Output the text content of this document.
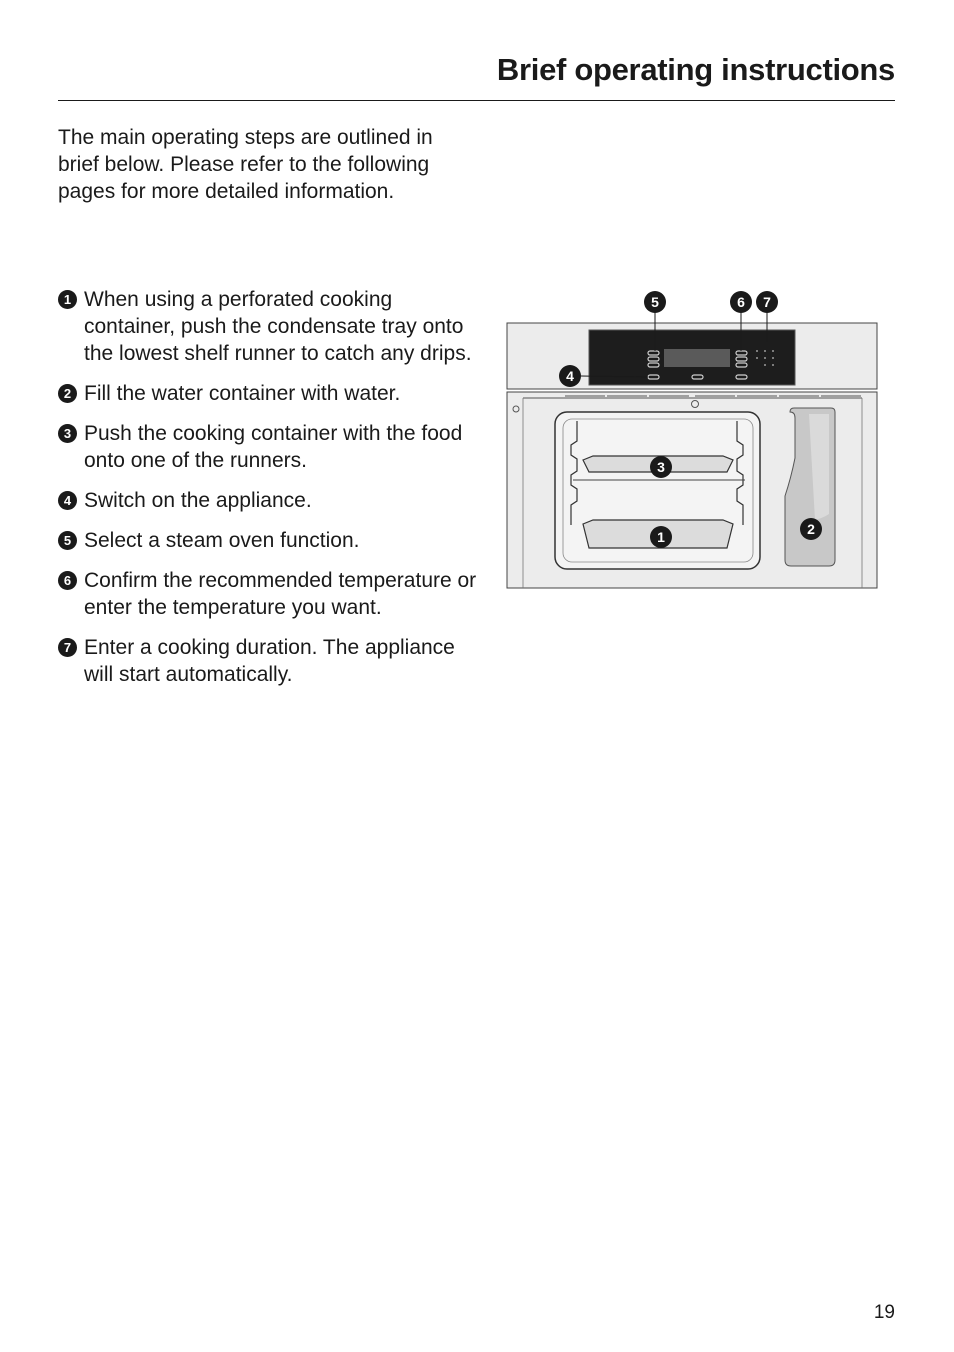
Brief operating instructions

The main operating steps are outlined in brief below. Please refer to the following pages for more detailed information.

1 When using a perforated cooking container, push the condensate tray onto the lowest shelf runner to catch any drips.
2 Fill the water container with water.
3 Push the cooking container with the food onto one of the runners.
4 Switch on the appliance.
5 Select a steam oven function.
6 Confirm the recommended temperature or enter the temperature you want.
7 Enter a cooking duration. The appliance will start automatically.
5	6 7
4
3
1	2
19
